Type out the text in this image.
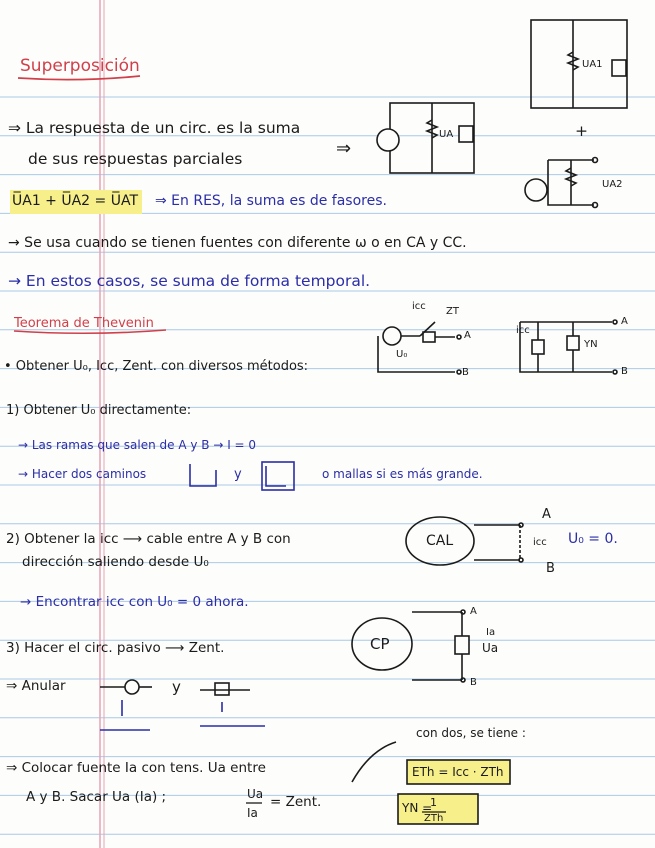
Superposición
⇒ La respuesta de un circ. es la suma
de sus respuestas parciales	⇒
U̅A1 + U̅A2 = U̅AT ⇒ En RES, la suma es de fasores.
→ Se usa cuando se tienen fuentes con diferente ω o en CA y CC.
→ En estos casos, se suma de forma temporal.
Teorema de Thevenin
• Obtener U₀, Icc, Zent. con diversos métodos:
1) Obtener U₀ directamente:
→ Las ramas que salen de A y B → I = 0
→ Hacer dos caminos	y	o mallas si es más grande.
2) Obtener la icc ⟶ cable entre A y B con
dirección saliendo desde U₀
→ Encontrar icc con U₀ = 0 ahora.
3) Hacer el circ. pasivo ⟶ Zent.
⇒ Anular	y
⇒ Colocar fuente Ia con tens. Ua entre
A y B. Sacar Ua (Ia) ;	Ua
Ia
= Zent.
con dos, se tiene :
ETh = Icc · ZTh
YN =
1
ZTh
UA1
UA	+
UA2
icc ZT
U₀
A
B
icc
YN
A
B
CAL
A
icc
B
U₀ = 0.
CP
A
Ia
Ua
B
